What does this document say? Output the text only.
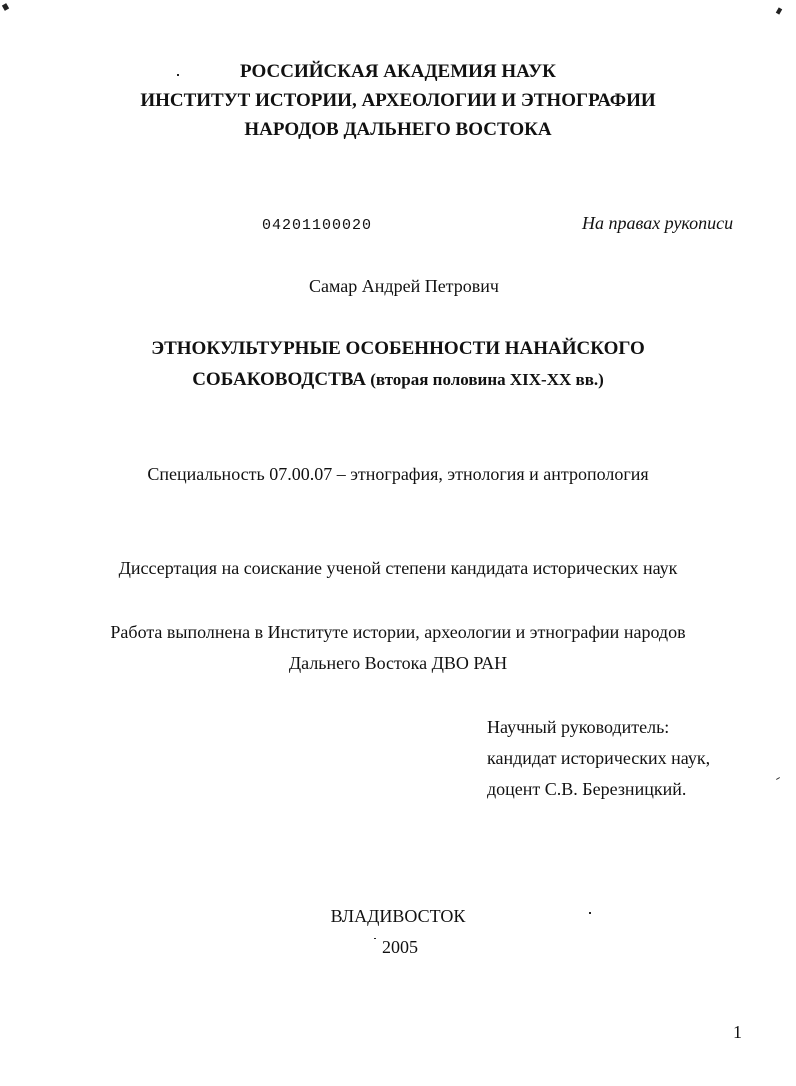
РОССИЙСКАЯ АКАДЕМИЯ НАУК
ИНСТИТУТ ИСТОРИИ, АРХЕОЛОГИИ И ЭТНОГРАФИИ
НАРОДОВ ДАЛЬНЕГО ВОСТОКА
04201100020	На правах рукописи
Самар Андрей Петрович
ЭТНОКУЛЬТУРНЫЕ ОСОБЕННОСТИ НАНАЙСКОГО
СОБАКОВОДСТВА (вторая половина XIX-XX вв.)
Специальность 07.00.07 – этнография, этнология и антропология
Диссертация на соискание ученой степени кандидата исторических наук
Работа выполнена в Институте истории, археологии и этнографии народов
Дальнего Востока ДВО РАН
Научный руководитель:
кандидат исторических наук,
доцент С.В. Березницкий.
ВЛАДИВОСТОК
2005
1
